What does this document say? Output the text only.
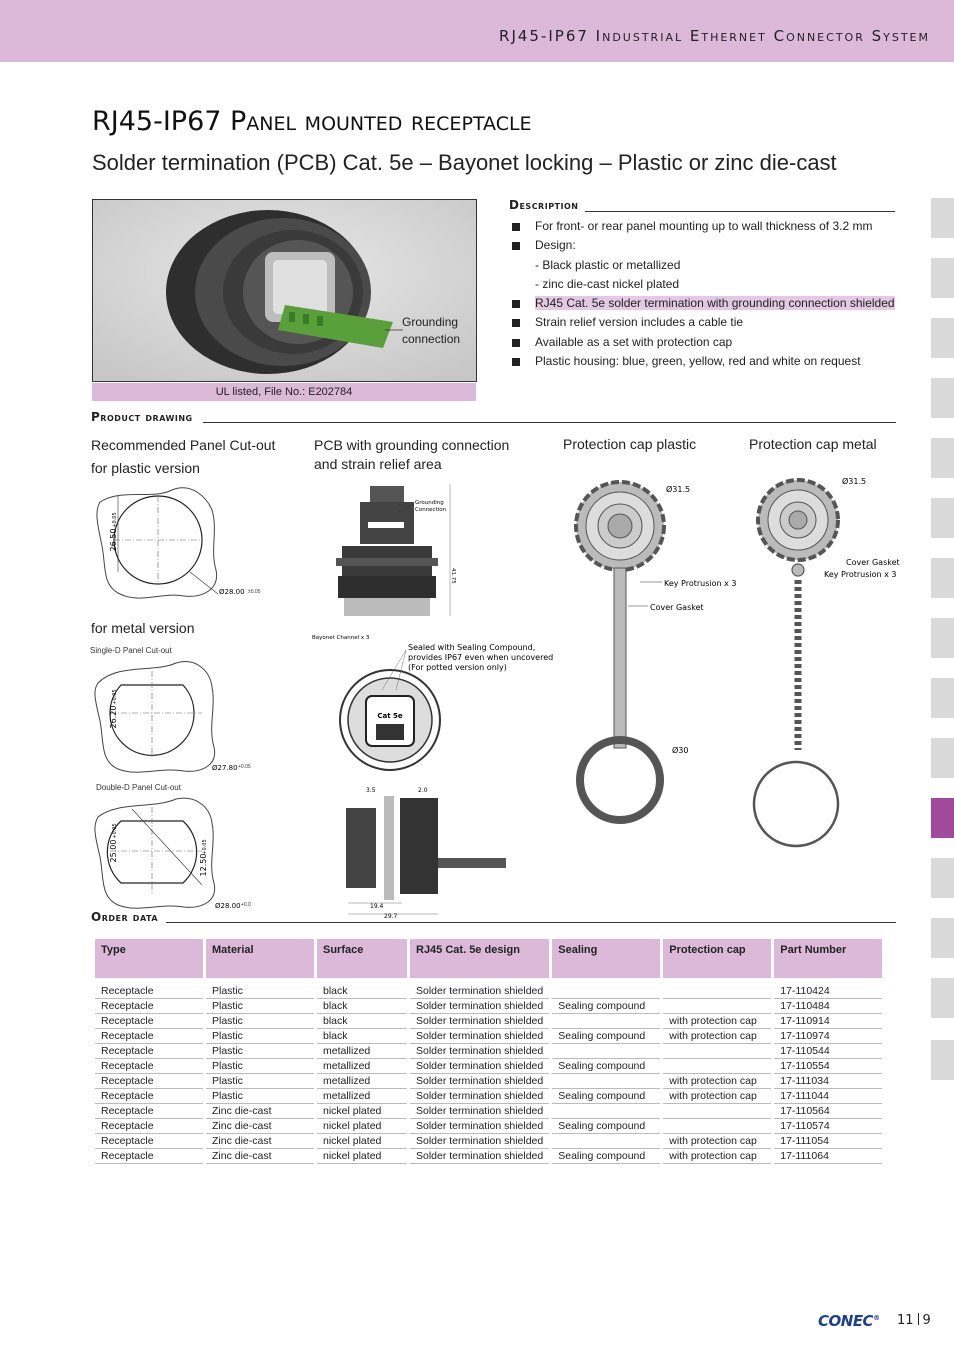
RJ45-IP67 Industrial Ethernet Connector System
RJ45-IP67 Panel mounted receptacle
Solder termination (PCB) Cat. 5e – Bayonet locking – Plastic or zinc die-cast
Grounding
connection
UL listed, File No.: E202784
Description
For front- or rear panel mounting up to wall thickness of 3.2 mm
Design:
- Black plastic or metallized
- zinc die-cast nickel plated
RJ45 Cat. 5e solder termination with grounding connection shielded
Strain relief version includes a cable tie
Available as a set with protection cap
Plastic housing: blue, green, yellow, red and white on request
Product drawing
Recommended Panel Cut-out
for plastic version
for metal version
Single-D Panel Cut-out
Double-D Panel Cut-out
26.50
+0.05
Ø28.00 ±0.05
26.20
+0.05
Ø27.80 +0.05
25.00
+0.05
12.50
+0.05
Ø28.00 +0.0
PCB with grounding connection
and strain relief area
Grounding
Connection
41.75
Bayonet Channel x 3
Cat 5e
Sealed with Sealing Compound,
provides IP67 even when uncovered
(For potted version only)
3.5	2.0
19.4
29.7
Protection cap plastic	Protection cap metal
Ø31.5
Key Protrusion x 3
Cover Gasket
Ø30
Ø31.5
Cover Gasket
Key Protrusion x 3
Order data
Type	Material	Surface	RJ45 Cat. 5e design	Sealing	Protection cap	Part Number

Receptacle	Plastic	black	Solder termination shielded			17-110424
Receptacle	Plastic	black	Solder termination shielded	Sealing compound		17-110484
Receptacle	Plastic	black	Solder termination shielded		with protection cap	17-110914
Receptacle	Plastic	black	Solder termination shielded	Sealing compound	with protection cap	17-110974
Receptacle	Plastic	metallized	Solder termination shielded			17-110544
Receptacle	Plastic	metallized	Solder termination shielded	Sealing compound		17-110554
Receptacle	Plastic	metallized	Solder termination shielded		with protection cap	17-111034
Receptacle	Plastic	metallized	Solder termination shielded	Sealing compound	with protection cap	17-111044
Receptacle	Zinc die-cast	nickel plated	Solder termination shielded			17-110564
Receptacle	Zinc die-cast	nickel plated	Solder termination shielded	Sealing compound		17-110574
Receptacle	Zinc die-cast	nickel plated	Solder termination shielded		with protection cap	17-111054
Receptacle	Zinc die-cast	nickel plated	Solder termination shielded	Sealing compound	with protection cap	17-111064
CONEC® 11 9
